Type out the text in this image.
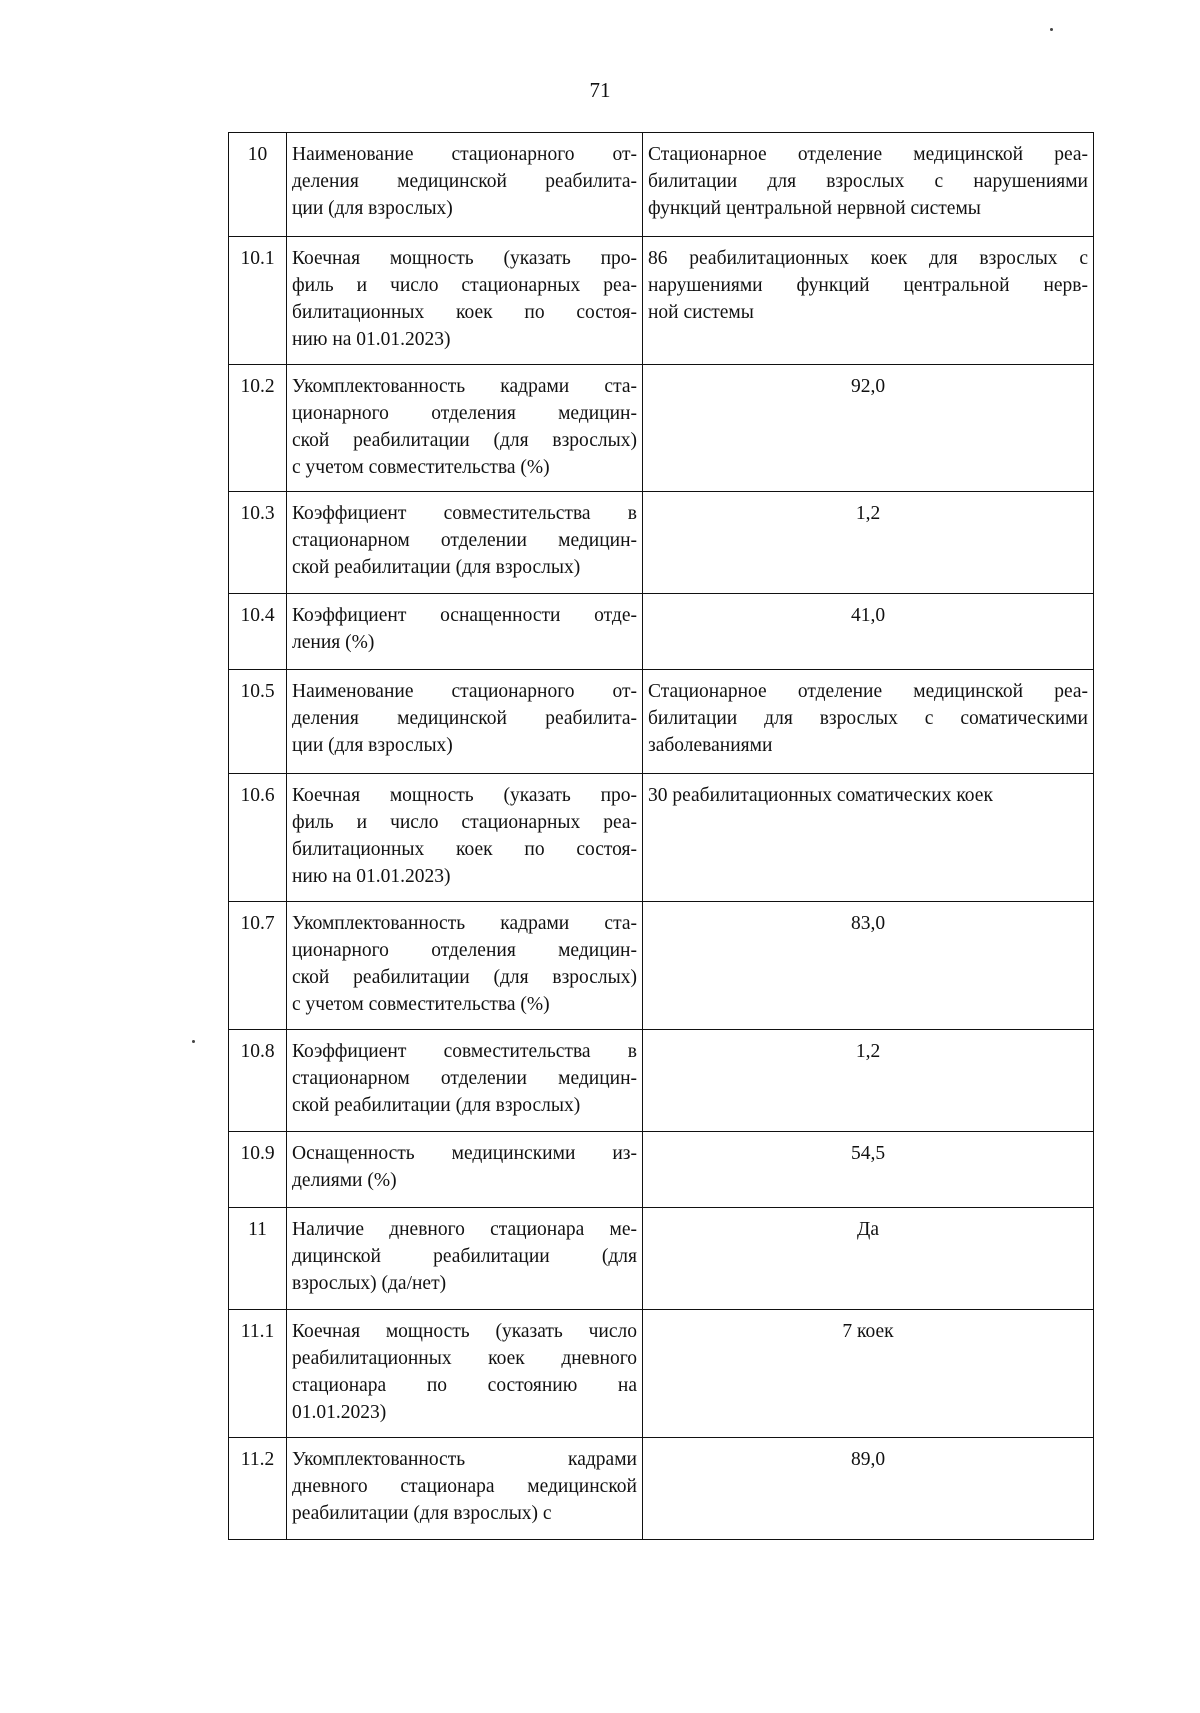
71
10	Наименование стационарного от-
деления медицинской реабилита-
ции (для взрослых)	Стационарное отделение медицинской реа-
билитации для взрослых с нарушениями
функций центральной нервной системы

10.1	Коечная мощность (указать про-
филь и число стационарных реа-
билитационных коек по состоя-
нию на 01.01.2023)	86 реабилитационных коек для взрослых с
нарушениями функций центральной нерв-
ной системы

10.2	Укомплектованность кадрами ста-
ционарного отделения медицин-
ской реабилитации (для взрослых)
с учетом совместительства (%)	92,0

10.3	Коэффициент совместительства в
стационарном отделении медицин-
ской реабилитации (для взрослых)	1,2

10.4	Коэффициент оснащенности отде-
ления (%)	41,0

10.5	Наименование стационарного от-
деления медицинской реабилита-
ции (для взрослых)	Стационарное отделение медицинской реа-
билитации для взрослых с соматическими
заболеваниями

10.6	Коечная мощность (указать про-
филь и число стационарных реа-
билитационных коек по состоя-
нию на 01.01.2023)	30 реабилитационных соматических коек

10.7	Укомплектованность кадрами ста-
ционарного отделения медицин-
ской реабилитации (для взрослых)
с учетом совместительства (%)	83,0

10.8	Коэффициент совместительства в
стационарном отделении медицин-
ской реабилитации (для взрослых)	1,2

10.9	Оснащенность медицинскими из-
делиями (%)	54,5

11	Наличие дневного стационара ме-
дицинской реабилитации (для
взрослых) (да/нет)	Да

11.1	Коечная мощность (указать число
реабилитационных коек дневного
стационара по состоянию на
01.01.2023)	7 коек

11.2	Укомплектованность кадрами
дневного стационара медицинской
реабилитации (для взрослых) с	89,0
